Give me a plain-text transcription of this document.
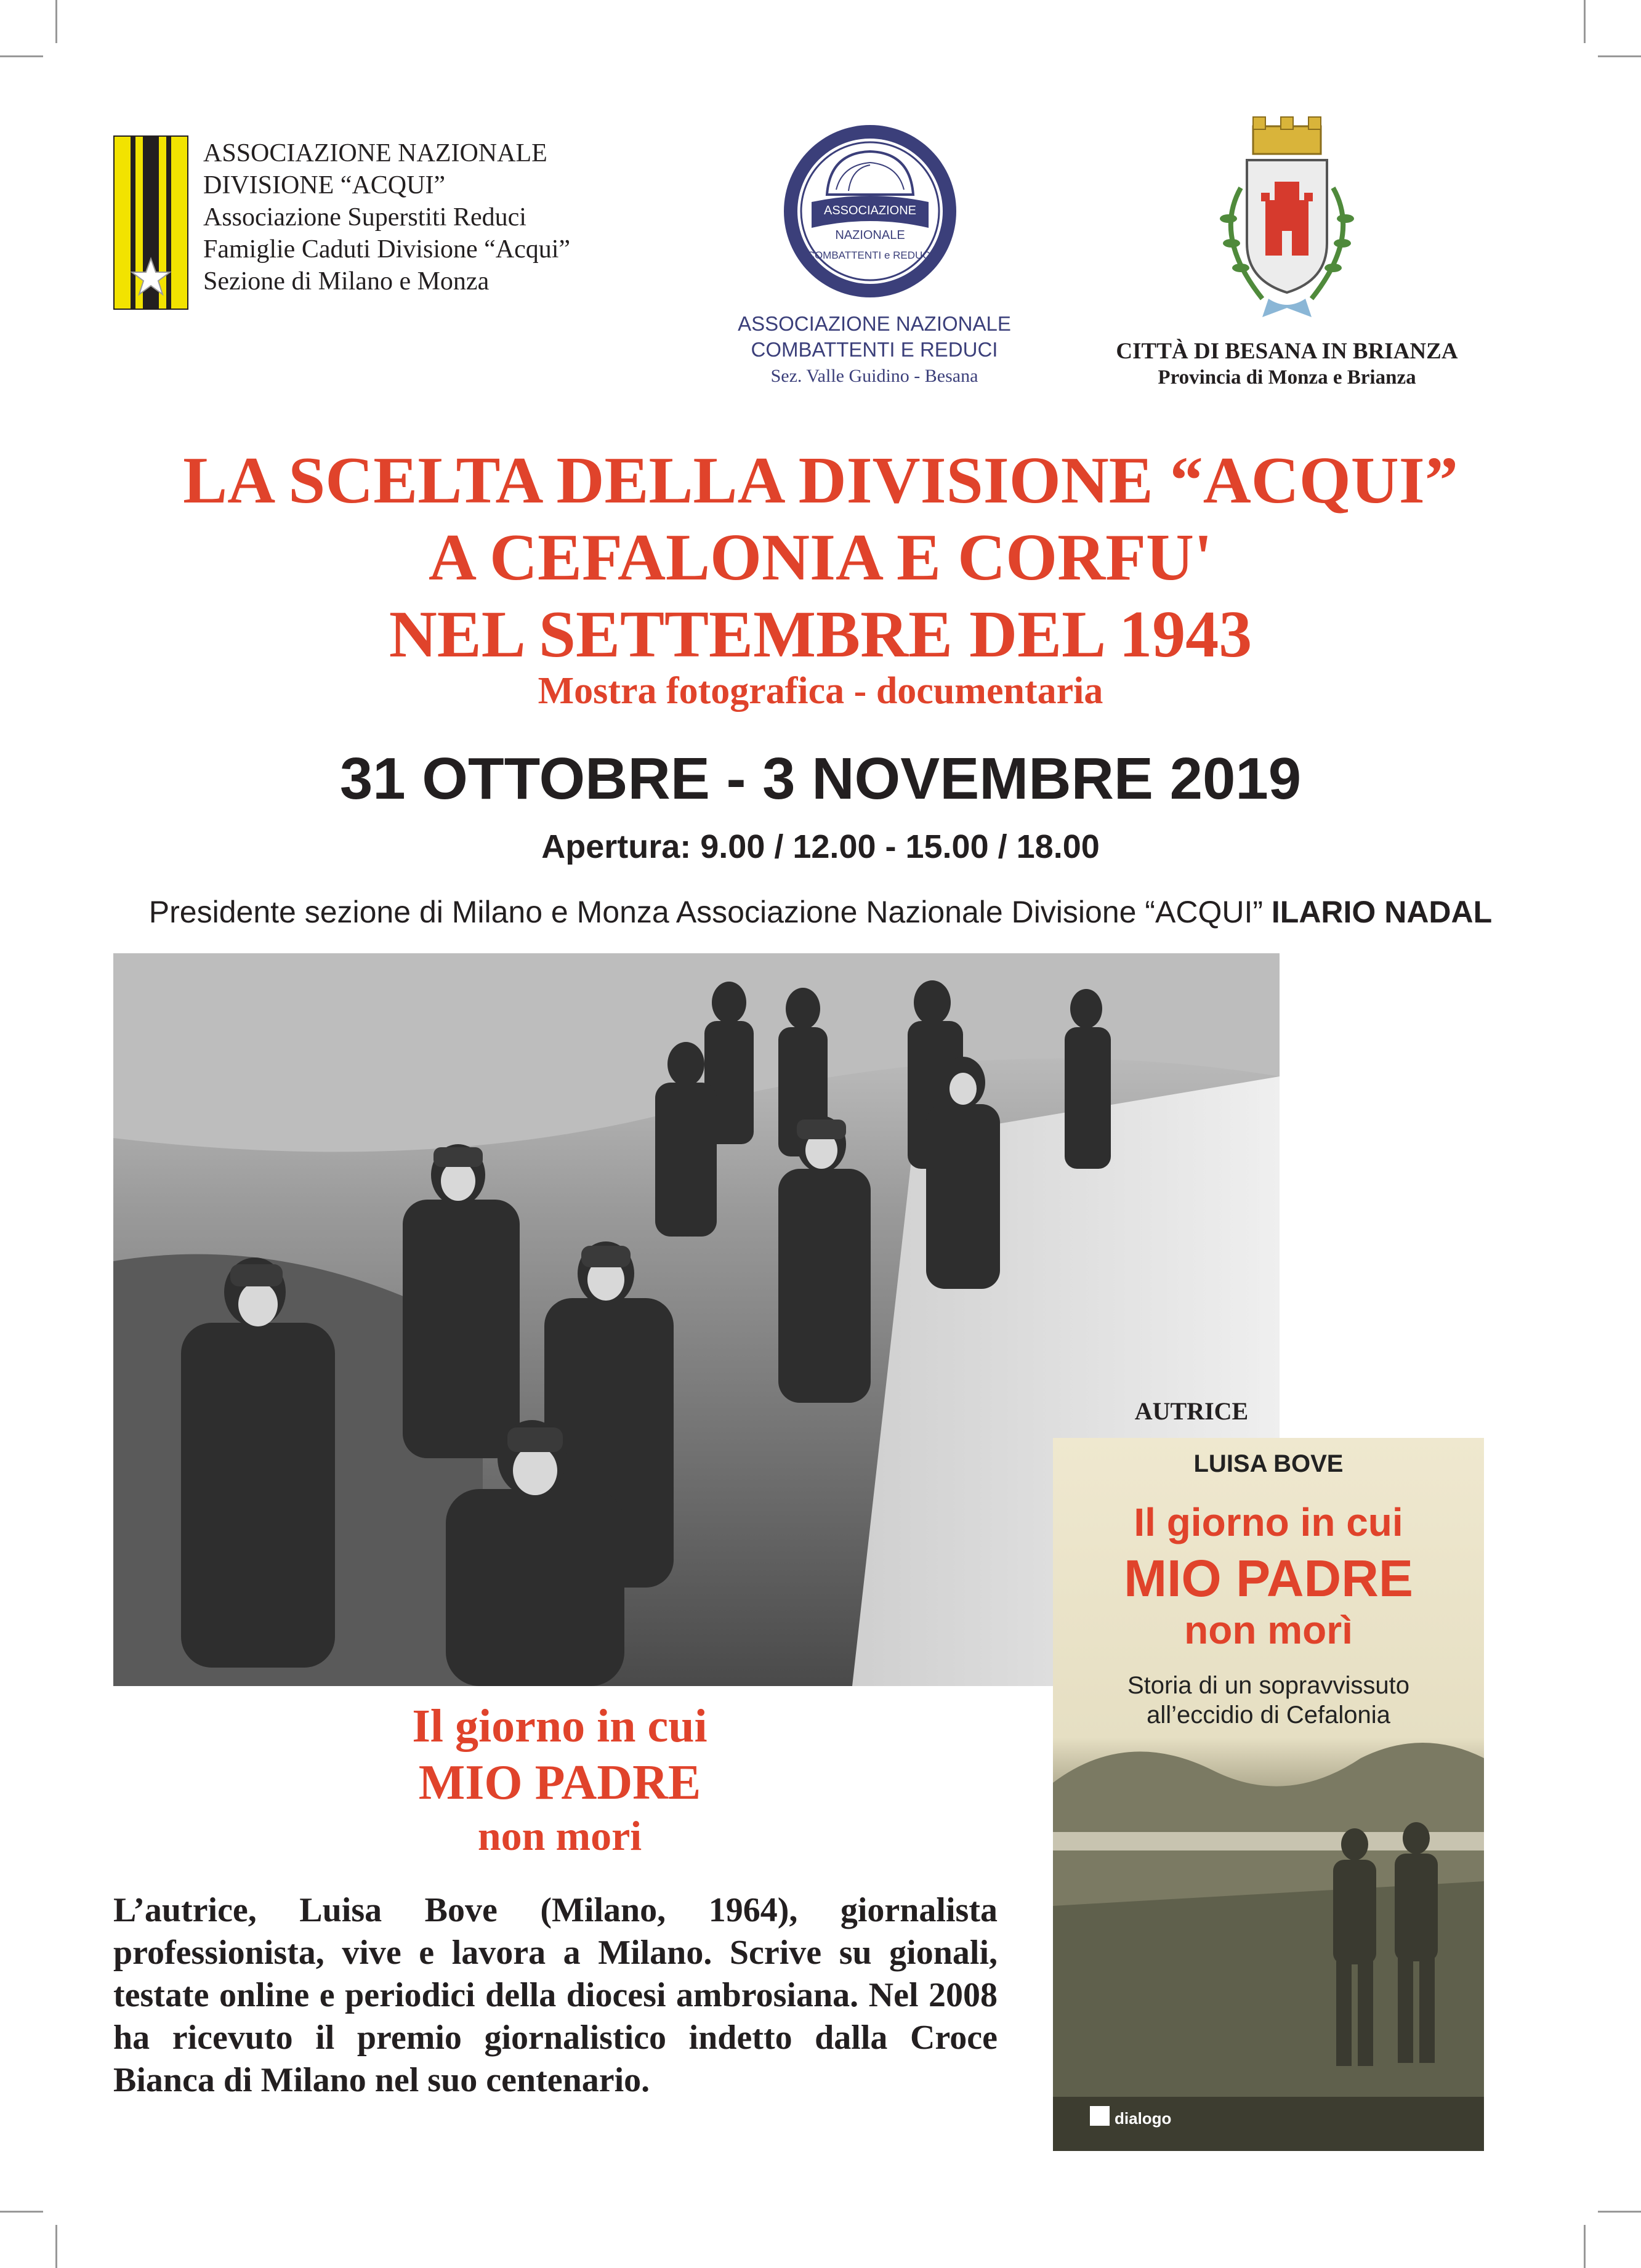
ASSOCIAZIONE NAZIONALE
DIVISIONE “ACQUI”
Associazione Superstiti Reduci
Famiglie Caduti Divisione “Acqui”
Sezione di Milano e Monza
ASSOCIAZIONE
NAZIONALE
COMBATTENTI e REDUCI
ASSOCIAZIONE NAZIONALE
COMBATTENTI E REDUCI
Sez. Valle Guidino - Besana
CITTÀ DI BESANA IN BRIANZA
Provincia di Monza e Brianza
LA SCELTA DELLA DIVISIONE “ACQUI”
A CEFALONIA E CORFU'
NEL SETTEMBRE DEL 1943
Mostra fotografica - documentaria
31 OTTOBRE - 3 NOVEMBRE 2019
Apertura: 9.00 / 12.00 - 15.00 / 18.00
Presidente sezione di Milano e Monza Associazione Nazionale Divisione “ACQUI” ILARIO NADAL
Il giorno in cui
MIO PADRE
non mori
L’autrice, Luisa Bove (Milano, 1964), giornalista professionista, vive e lavora a Milano. Scrive su gionali, testate online e periodici della diocesi ambrosiana. Nel 2008 ha ricevuto il premio giornalistico indetto dalla Croce Bianca di Milano nel suo centenario.
AUTRICE
LUISA BOVE
Il giorno in cui
MIO PADRE
non morì
Storia di un sopravvissuto
all’eccidio di Cefalonia
dialogo
